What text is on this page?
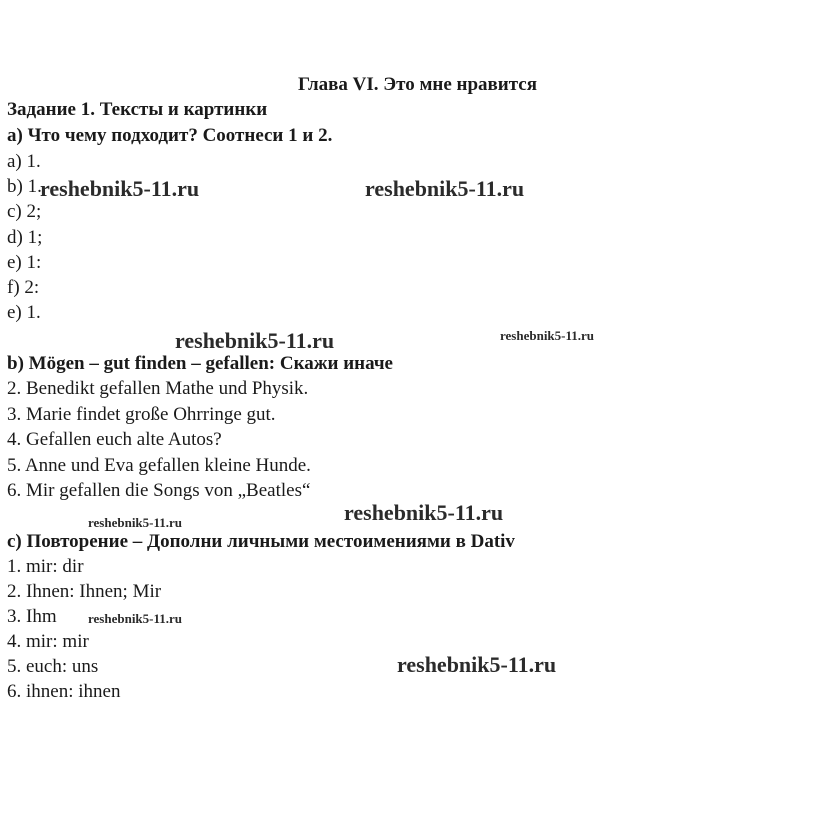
Глава VI. Это мне нравится
Задание 1. Тексты и картинки
a) Что чему подходит? Соотнеси 1 и 2.
a) 1.
b) 1.
c) 2;
d) 1;
e) 1:
f) 2:
e) 1.
b) Mögen – gut finden – gefallen: Скажи иначе
2. Benedikt gefallen Mathe und Physik.
3. Marie findet große Ohrringe gut.
4. Gefallen euch alte Autos?
5. Anne und Eva gefallen kleine Hunde.
6. Mir gefallen die Songs von „Beatles“
c) Повторение – Дополни личными местоимениями в Dativ
1. mir: dir
2. Ihnen: Ihnen; Mir
3. Ihm
4. mir: mir
5. euch: uns
6. ihnen: ihnen
reshebnik5-11.ru	reshebnik5-11.ru
reshebnik5-11.ru	reshebnik5-11.ru
reshebnik5-11.ru	reshebnik5-11.ru
reshebnik5-11.ru
reshebnik5-11.ru
